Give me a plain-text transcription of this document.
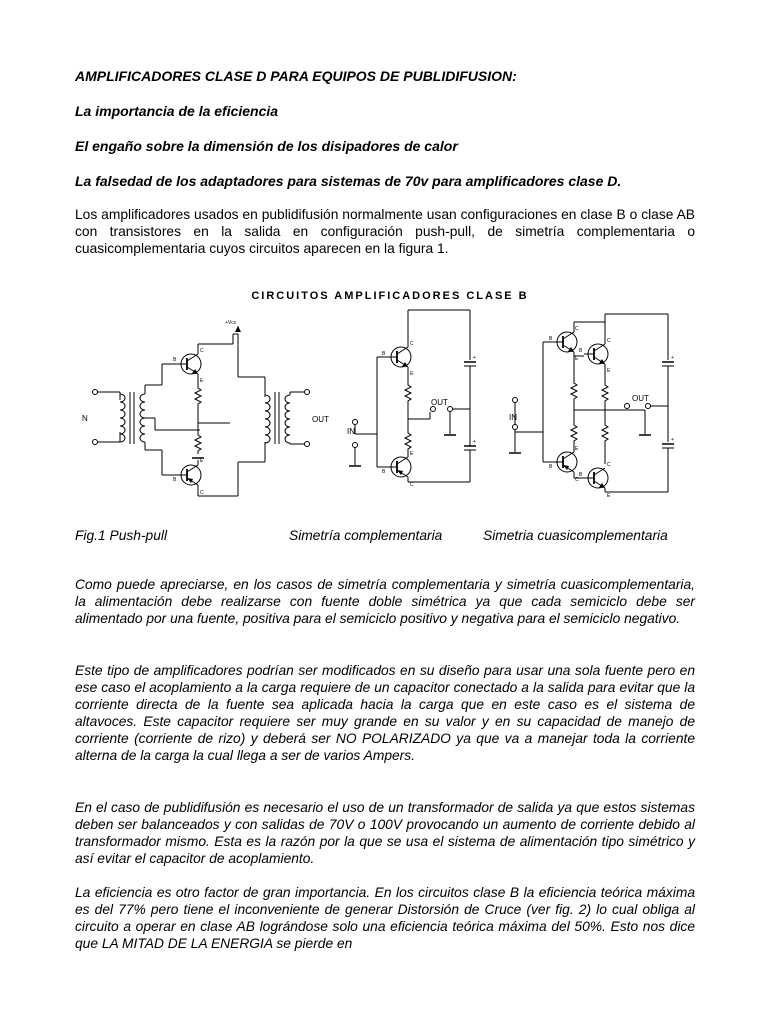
AMPLIFICADORES CLASE D PARA EQUIPOS DE PUBLIDIFUSION:
La importancia de la eficiencia
El engaño sobre la dimensión de los disipadores de calor
La falsedad de los adaptadores para sistemas de 70v para amplificadores clase D.
Los amplificadores usados en publidifusión normalmente usan configuraciones en clase B o clase AB con transistores en la salida en configuración push-pull, de simetría complementaria o cuasicomplementaria cuyos circuitos aparecen en la figura 1.
CIRCUITOS AMPLIFICADORES CLASE B
N
C
B
E
+Vcc
E
B
C
OUT
+
+
C
B
E
E
B
C
IN
OUT
+
+
C
B
E
C
B
E
E
B
C
C
B
E
IN
OUT
Fig.1 Push-pull	Simetría complementaria	Simetria cuasicomplementaria
Como puede apreciarse, en los casos de simetría complementaria y simetría cuasicomplementaria, la alimentación debe realizarse con fuente doble simétrica ya que cada semiciclo debe ser alimentado por una fuente, positiva para el semiciclo positivo y negativa para el semiciclo negativo.
Este tipo de amplificadores podrían ser modificados en su diseño para usar una sola fuente pero en ese caso el acoplamiento a la carga requiere de un capacitor conectado a la salida para evitar que la corriente directa de la fuente sea aplicada hacia la carga que en este caso es el sistema de altavoces. Este capacitor requiere ser muy grande en su valor y en su capacidad de manejo de corriente (corriente de rizo) y deberá ser NO POLARIZADO ya que va a manejar toda la corriente alterna de la carga la cual llega a ser de varios Ampers.
En el caso de publidifusión es necesario el uso de un transformador de salida ya que estos sistemas deben ser balanceados y con salidas de 70V o 100V provocando un aumento de corriente debido al transformador mismo. Esta es la razón por la que se usa el sistema de alimentación tipo simétrico y así evitar el capacitor de acoplamiento.
La eficiencia es otro factor de gran importancia. En los circuitos clase B la eficiencia teórica máxima es del 77% pero tiene el inconveniente de generar Distorsión de Cruce (ver fig. 2) lo cual obliga al circuito a operar en clase AB lográndose solo una eficiencia teórica máxima del 50%. Esto nos dice que LA MITAD DE LA ENERGIA se pierde en
